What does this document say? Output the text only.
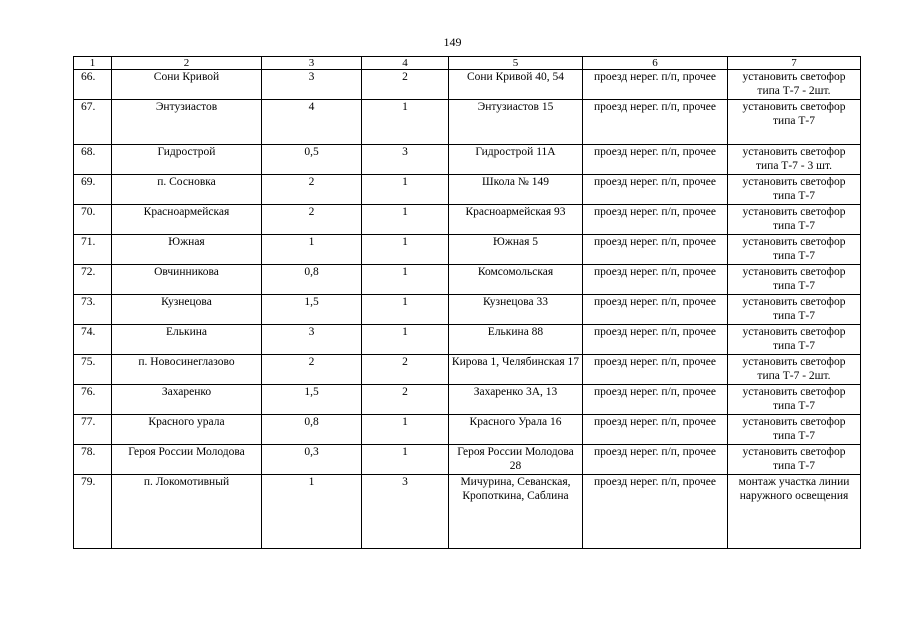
149
1	2	3	4	5	6	7
66.	Сони Кривой	3	2	Сони Кривой 40, 54	проезд нерег. п/п, прочее	установить светофор типа Т-7 - 2шт.
67.	Энтузиастов	4	1	Энтузиастов 15	проезд нерег. п/п, прочее	установить светофор типа Т-7
68.	Гидрострой	0,5	3	Гидрострой 11А	проезд нерег. п/п, прочее	установить светофор типа Т-7 - 3 шт.
69.	п. Сосновка	2	1	Школа № 149	проезд нерег. п/п, прочее	установить светофор типа Т-7
70.	Красноармейская	2	1	Красноармейская 93	проезд нерег. п/п, прочее	установить светофор типа Т-7
71.	Южная	1	1	Южная 5	проезд нерег. п/п, прочее	установить светофор типа Т-7
72.	Овчинникова	0,8	1	Комсомольская	проезд нерег. п/п, прочее	установить светофор типа Т-7
73.	Кузнецова	1,5	1	Кузнецова 33	проезд нерег. п/п, прочее	установить светофор типа Т-7
74.	Елькина	3	1	Елькина 88	проезд нерег. п/п, прочее	установить светофор типа Т-7
75.	п. Новосинеглазово	2	2	Кирова 1, Челябинская 17	проезд нерег. п/п, прочее	установить светофор типа Т-7 - 2шт.
76.	Захаренко	1,5	2	Захаренко 3А, 13	проезд нерег. п/п, прочее	установить светофор типа Т-7
77.	Красного урала	0,8	1	Красного Урала 16	проезд нерег. п/п, прочее	установить светофор типа Т-7
78.	Героя России Молодова	0,3	1	Героя России Молодова 28	проезд нерег. п/п, прочее	установить светофор типа Т-7
79.	п. Локомотивный	1	3	Мичурина, Севанская, Кропоткина, Саблина	проезд нерег. п/п, прочее	монтаж участка линии наружного освещения
